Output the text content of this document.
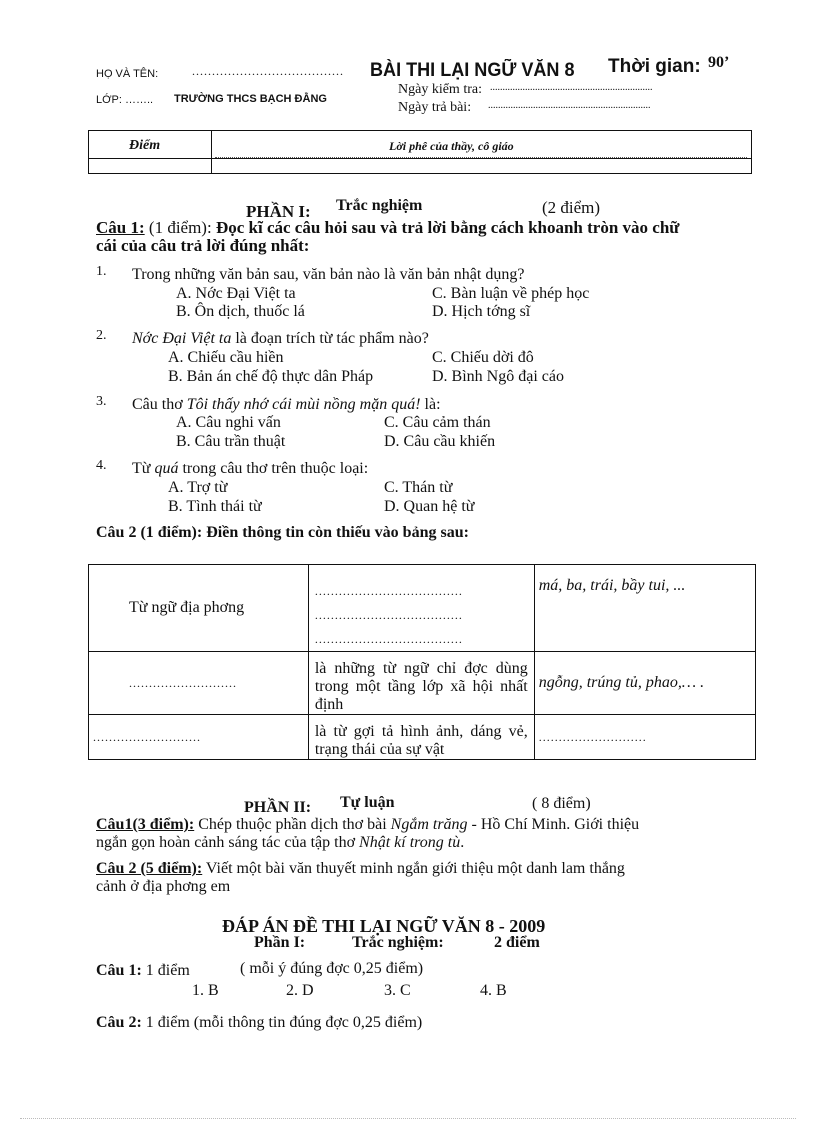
HỌ VÀ TÊN:	......................................
LỚP: …….. TRƯỜNG THCS BẠCH ĐẰNG
BÀI THI LẠI NGỮ VĂN 8 Thời gian: 90’
Ngày kiểm tra: .................................................................
Ngày trả bài: .................................................................
Điểm	Lời phê của thầy, cô giáo
PHẦN I: Trắc nghiệm	(2 điểm)
Câu 1: (1 điểm): Đọc kĩ các câu hỏi sau và trả lời bằng cách khoanh tròn vào chữ
cái của câu trả lời đúng nhất:
1. Trong những văn bản sau, văn bản nào là văn bản nhật dụng?
A. Nớc Đại Việt ta
B. Ôn dịch, thuốc lá
C. Bàn luận về phép học
D. Hịch tớng sĩ
2. Nớc Đại Việt ta là đoạn trích từ tác phẩm nào?
A. Chiếu cầu hiền
B. Bản án chế độ thực dân Pháp
C. Chiếu dời đô
D. Bình Ngô đại cáo
3. Câu thơ Tôi thấy nhớ cái mùi nồng mặn quá! là:
A. Câu nghi vấn
B. Câu trần thuật
C. Câu cảm thán
D. Câu cầu khiến
4. Từ quá trong câu thơ trên thuộc loại:
A. Trợ từ
B. Tình thái từ
C. Thán từ
D. Quan hệ từ
Câu 2 (1 điểm): Điền thông tin còn thiếu vào bảng sau:
Từ ngữ địa phơng	.....................................
.....................................
.....................................	má, ba, trái, bầy tui, ...

...........................	là những từ ngữ chỉ đợc dùng trong một tầng lớp xã hội nhất định	ngỗng, trúng tủ, phao,… .

...........................	là từ gợi tả hình ảnh, dáng vẻ, trạng thái của sự vật	...........................
PHẦN II: Tự luận	( 8 điểm)
Câu1(3 điểm): Chép thuộc phần dịch thơ bài Ngắm trăng - Hồ Chí Minh. Giới thiệu
ngắn gọn hoàn cảnh sáng tác của tập thơ Nhật kí trong tù.
Câu 2 (5 điểm): Viết một bài văn thuyết minh ngắn giới thiệu một danh lam thắng
cảnh ở địa phơng em
ĐÁP ÁN ĐỀ THI LẠI NGỮ VĂN 8 - 2009
Phần I:	Trắc nghiệm:	2 điểm
Câu 1: 1 điểm	( mỗi ý đúng đợc 0,25 điểm)
1. B	2. D	3. C	4. B
Câu 2: 1 điểm (mỗi thông tin đúng đợc 0,25 điểm)
